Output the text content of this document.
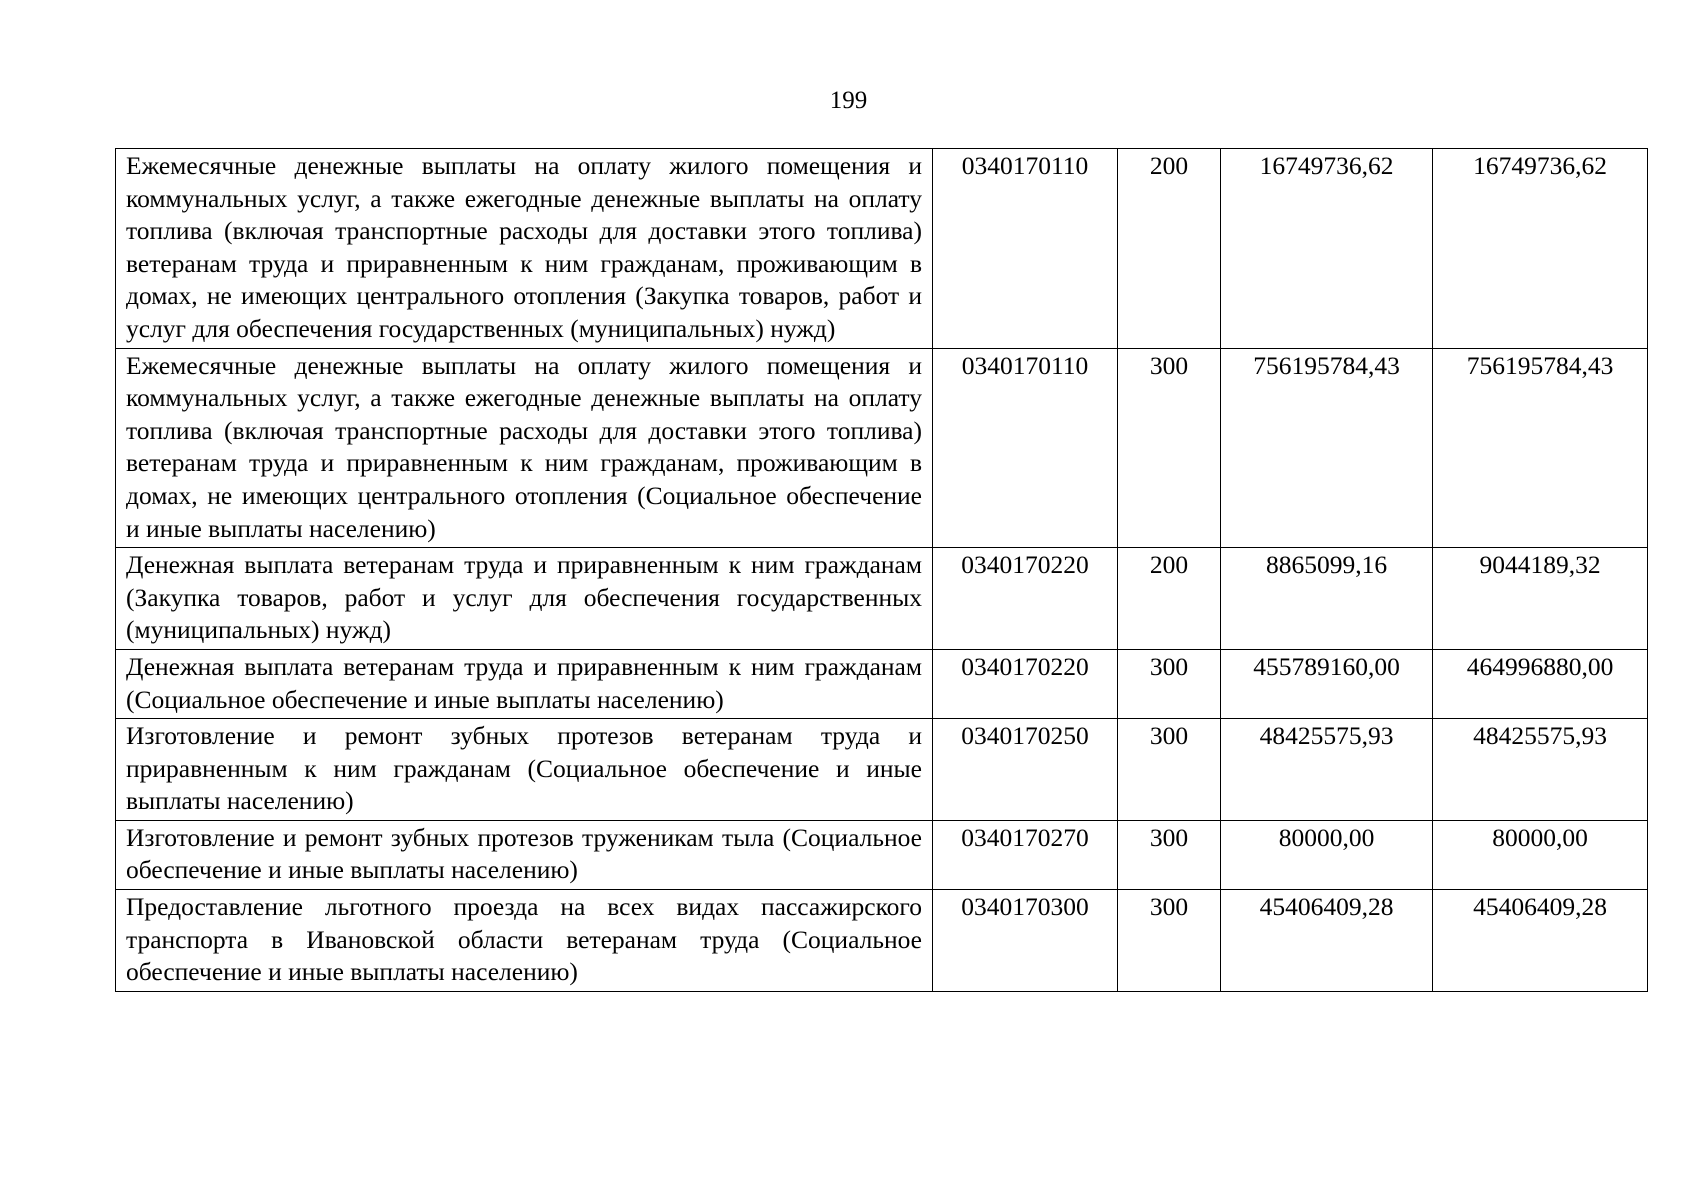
199
Ежемесячные денежные выплаты на оплату жилого помещения и коммунальных услуг, а также ежегодные денежные выплаты на оплату топлива (включая транспортные расходы для доставки этого топлива) ветеранам труда и приравненным к ним гражданам, проживающим в домах, не имеющих центрального отопления (Закупка товаров, работ и услуг для обеспечения государственных (муниципальных) нужд)	0340170110	200	16749736,62	16749736,62
Ежемесячные денежные выплаты на оплату жилого помещения и коммунальных услуг, а также ежегодные денежные выплаты на оплату топлива (включая транспортные расходы для доставки этого топлива) ветеранам труда и приравненным к ним гражданам, проживающим в домах, не имеющих центрального отопления (Социальное обеспечение и иные выплаты населению)	0340170110	300	756195784,43	756195784,43
Денежная выплата ветеранам труда и приравненным к ним гражданам (Закупка товаров, работ и услуг для обеспечения государственных (муниципальных) нужд)	0340170220	200	8865099,16	9044189,32
Денежная выплата ветеранам труда и приравненным к ним гражданам (Социальное обеспечение и иные выплаты населению)	0340170220	300	455789160,00	464996880,00
Изготовление и ремонт зубных протезов ветеранам труда и приравненным к ним гражданам (Социальное обеспечение и иные выплаты населению)	0340170250	300	48425575,93	48425575,93
Изготовление и ремонт зубных протезов труженикам тыла (Социальное обеспечение и иные выплаты населению)	0340170270	300	80000,00	80000,00
Предоставление льготного проезда на всех видах пассажирского транспорта в Ивановской области ветеранам труда (Социальное обеспечение и иные выплаты населению)	0340170300	300	45406409,28	45406409,28
